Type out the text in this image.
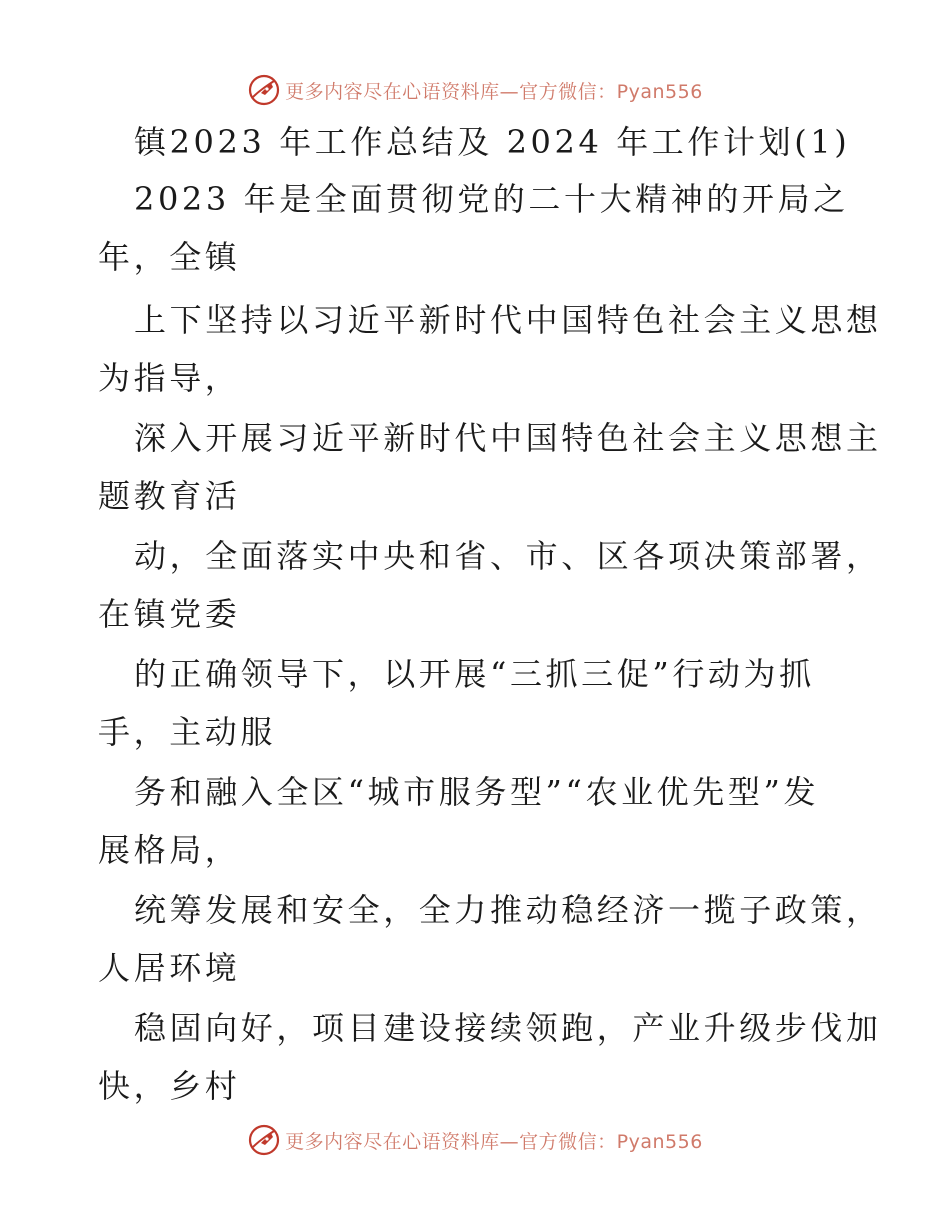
更多内容尽在心语资料库—官方微信：Pyan556
镇2023 年工作总结及 2024 年工作计划(1)
2023 年是全面贯彻党的二十大精神的开局之
年，全镇
上下坚持以习近平新时代中国特色社会主义思想
为指导，
深入开展习近平新时代中国特色社会主义思想主
题教育活
动，全面落实中央和省、市、区各项决策部署，
在镇党委
的正确领导下，以开展“三抓三促”行动为抓
手，主动服
务和融入全区“城市服务型”“农业优先型”发
展格局，
统筹发展和安全，全力推动稳经济一揽子政策，
人居环境
稳固向好，项目建设接续领跑，产业升级步伐加
快，乡村
更多内容尽在心语资料库—官方微信：Pyan556
